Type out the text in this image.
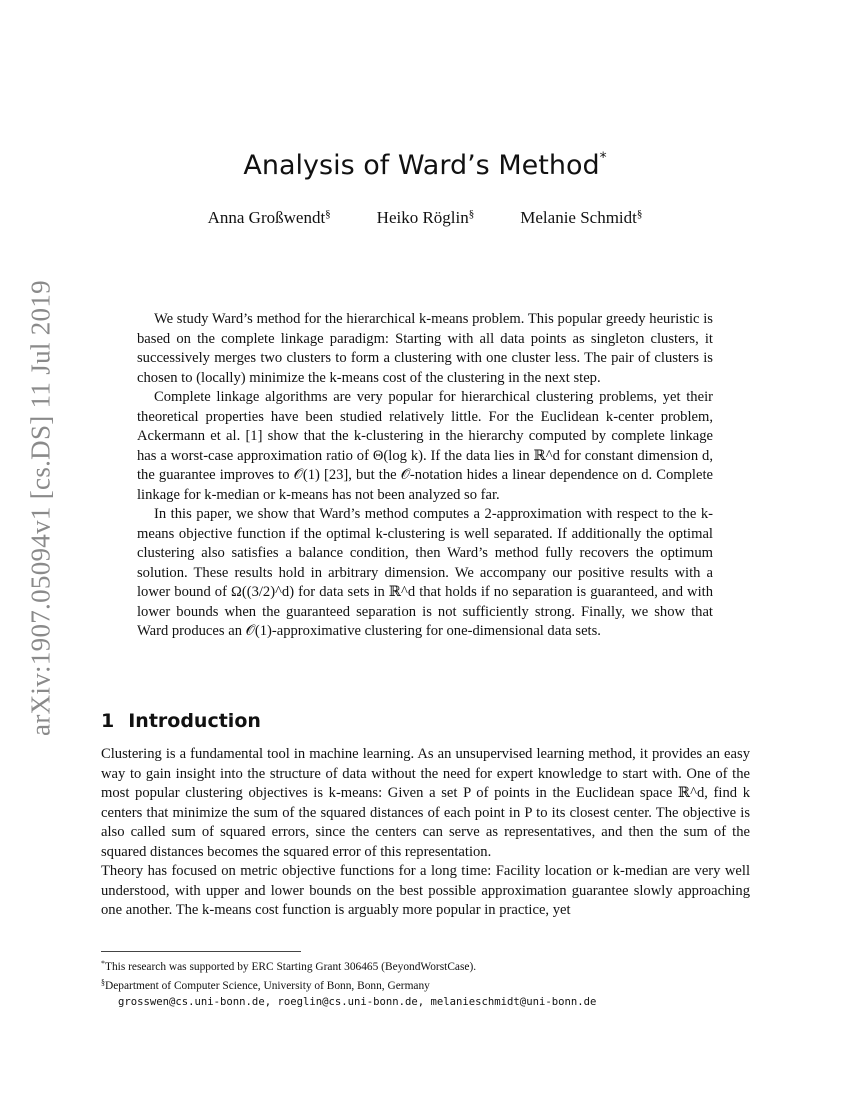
arXiv:1907.05094v1 [cs.DS] 11 Jul 2019
Analysis of Ward’s Method*
Anna Großwendt§	Heiko Röglin§	Melanie Schmidt§

We study Ward’s method for the hierarchical k-means problem. This popular greedy heuristic is based on the complete linkage paradigm: Starting with all data points as singleton clusters, it successively merges two clusters to form a clustering with one cluster less. The pair of clusters is chosen to (locally) minimize the k-means cost of the clustering in the next step.

Complete linkage algorithms are very popular for hierarchical clustering problems, yet their theoretical properties have been studied relatively little. For the Euclidean k-center problem, Ackermann et al. [1] show that the k-clustering in the hierarchy computed by complete linkage has a worst-case approximation ratio of Θ(log k). If the data lies in ℝ^d for constant dimension d, the guarantee improves to 𝒪(1) [23], but the 𝒪-notation hides a linear dependence on d. Complete linkage for k-median or k-means has not been analyzed so far.

In this paper, we show that Ward’s method computes a 2-approximation with respect to the k-means objective function if the optimal k-clustering is well separated. If additionally the optimal clustering also satisfies a balance condition, then Ward’s method fully recovers the optimum solution. These results hold in arbitrary dimension. We accompany our positive results with a lower bound of Ω((3/2)^d) for data sets in ℝ^d that holds if no separation is guaranteed, and with lower bounds when the guaranteed separation is not sufficiently strong. Finally, we show that Ward produces an 𝒪(1)-approximative clustering for one-dimensional data sets.

1 Introduction

Clustering is a fundamental tool in machine learning. As an unsupervised learning method, it provides an easy way to gain insight into the structure of data without the need for expert knowledge to start with. One of the most popular clustering objectives is k-means: Given a set P of points in the Euclidean space ℝ^d, find k centers that minimize the sum of the squared distances of each point in P to its closest center. The objective is also called sum of squared errors, since the centers can serve as representatives, and then the sum of the squared distances becomes the squared error of this representation.

Theory has focused on metric objective functions for a long time: Facility location or k-median are very well understood, with upper and lower bounds on the best possible approximation guarantee slowly approaching one another. The k-means cost function is arguably more popular in practice, yet

*This research was supported by ERC Starting Grant 306465 (BeyondWorstCase).
§Department of Computer Science, University of Bonn, Bonn, Germany
grosswen@cs.uni-bonn.de, roeglin@cs.uni-bonn.de, melanieschmidt@uni-bonn.de
